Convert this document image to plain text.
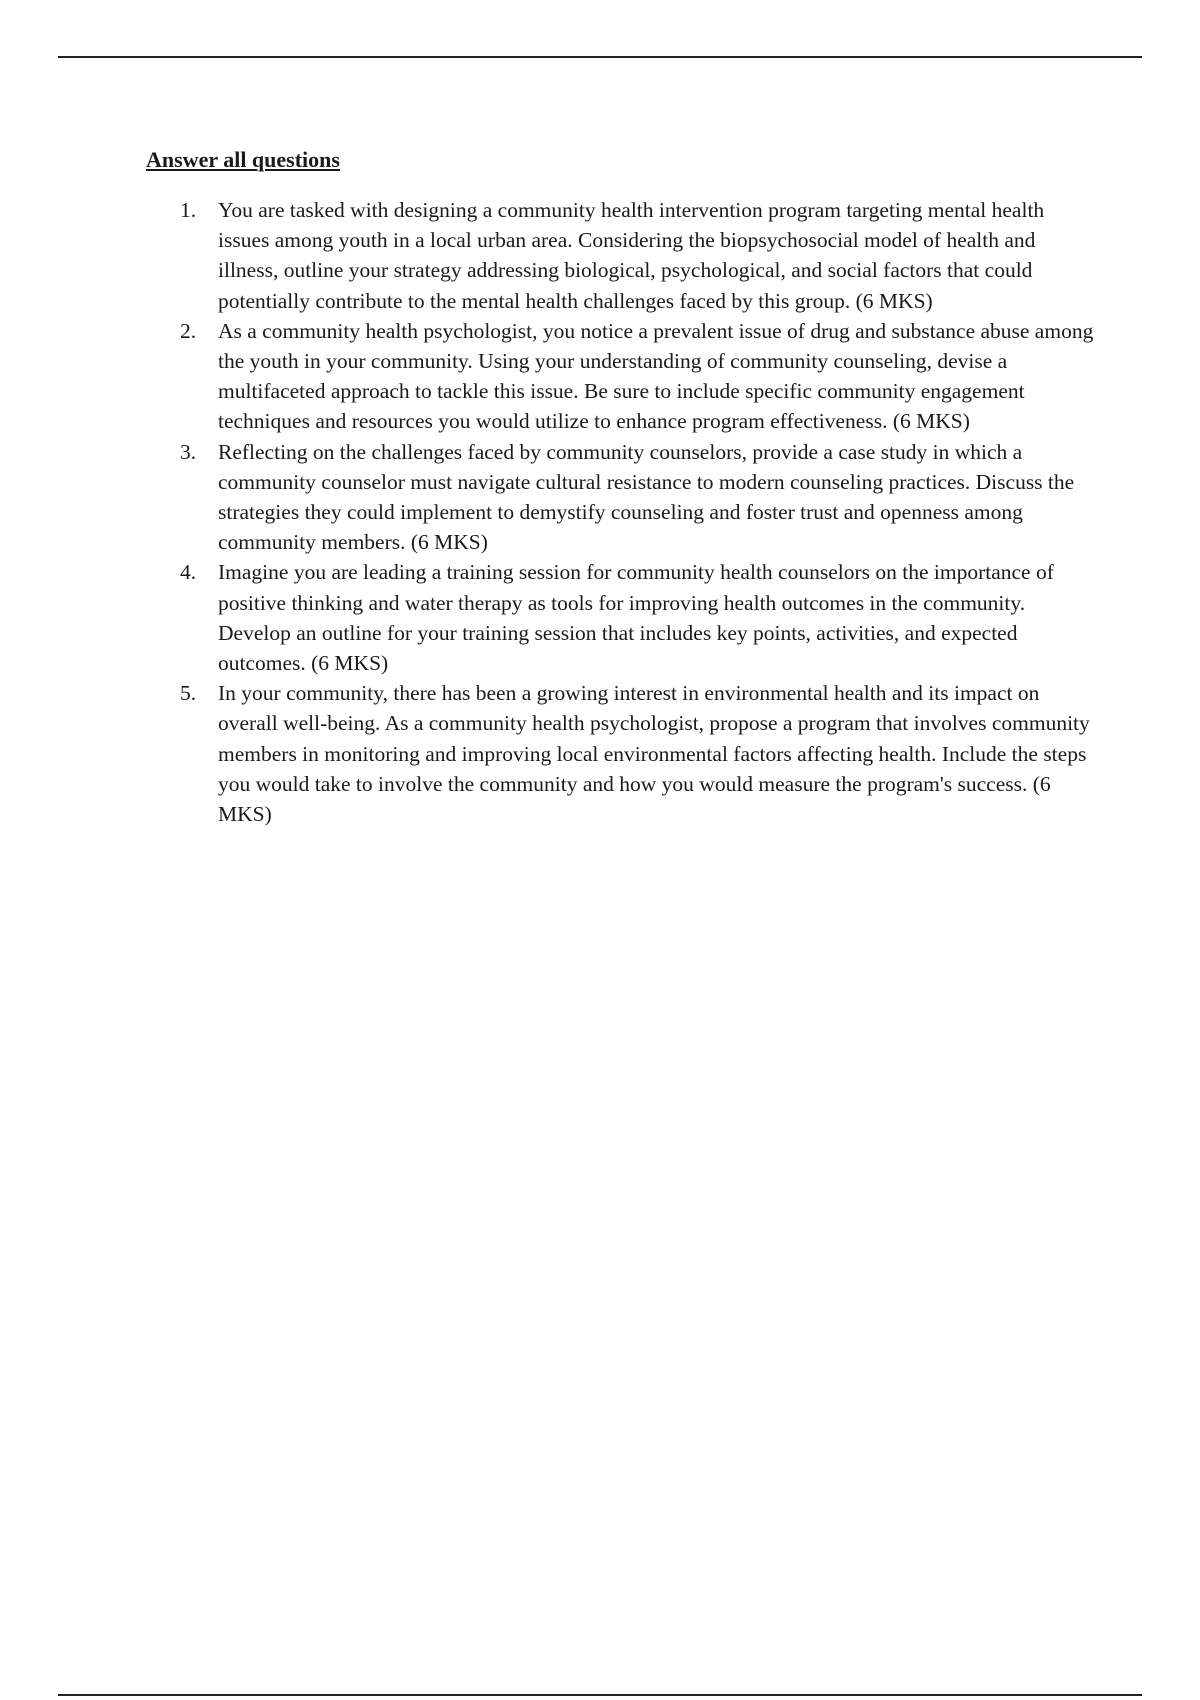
Answer all questions
1. You are tasked with designing a community health intervention program targeting mental health issues among youth in a local urban area. Considering the biopsychosocial model of health and illness, outline your strategy addressing biological, psychological, and social factors that could potentially contribute to the mental health challenges faced by this group. (6 MKS)
2. As a community health psychologist, you notice a prevalent issue of drug and substance abuse among the youth in your community. Using your understanding of community counseling, devise a multifaceted approach to tackle this issue. Be sure to include specific community engagement techniques and resources you would utilize to enhance program effectiveness. (6 MKS)
3. Reflecting on the challenges faced by community counselors, provide a case study in which a community counselor must navigate cultural resistance to modern counseling practices. Discuss the strategies they could implement to demystify counseling and foster trust and openness among community members. (6 MKS)
4. Imagine you are leading a training session for community health counselors on the importance of positive thinking and water therapy as tools for improving health outcomes in the community. Develop an outline for your training session that includes key points, activities, and expected outcomes. (6 MKS)
5. In your community, there has been a growing interest in environmental health and its impact on overall well-being. As a community health psychologist, propose a program that involves community members in monitoring and improving local environmental factors affecting health. Include the steps you would take to involve the community and how you would measure the program's success. (6 MKS)
